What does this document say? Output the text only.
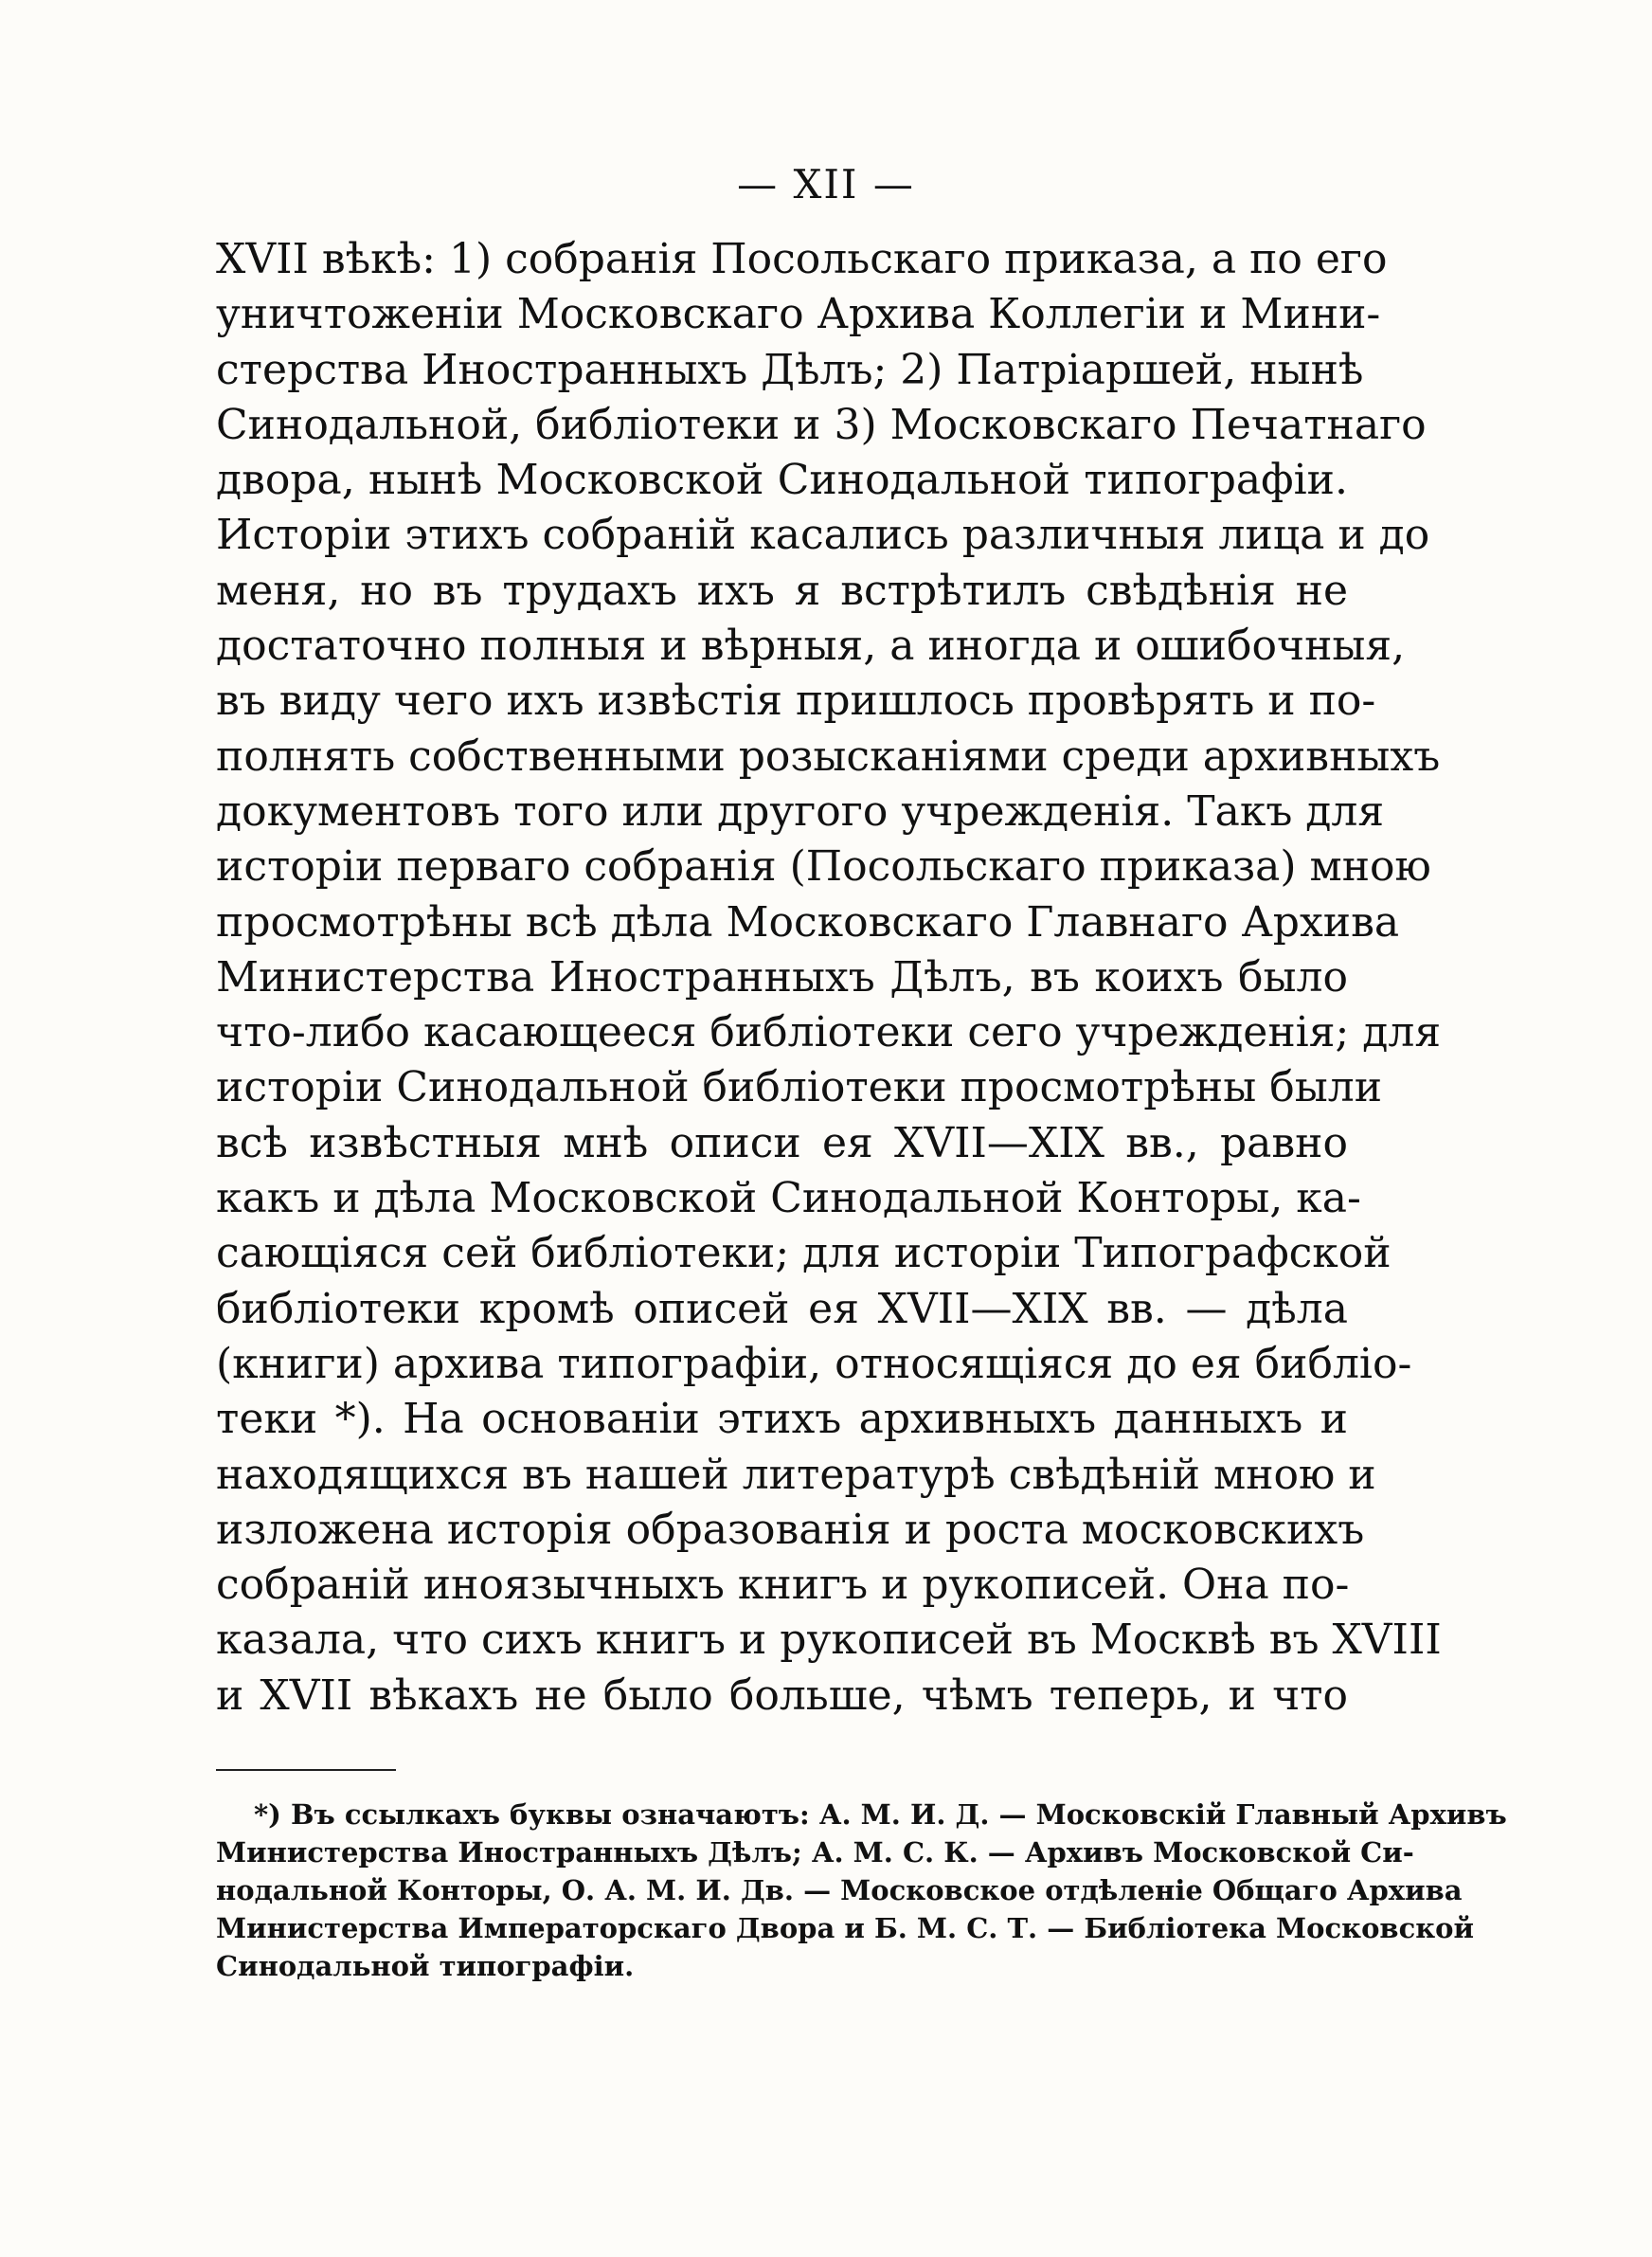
— XII —
XVII вѣкѣ: 1) собранія Посольскаго приказа, а по его
уничтоженіи Московскаго Архива Коллегіи и Мини-
стерства Иностранныхъ Дѣлъ; 2) Патріаршей, нынѣ
Синодальной, библіотеки и 3) Московскаго Печатнаго
двора, нынѣ Московской Синодальной типографіи.
Исторіи этихъ собраній касались различныя лица и до
меня, но въ трудахъ ихъ я встрѣтилъ свѣдѣнія не
достаточно полныя и вѣрныя, а иногда и ошибочныя,
въ виду чего ихъ извѣстія пришлось провѣрять и по-
полнять собственными розысканіями среди архивныхъ
документовъ того или другого учрежденія. Такъ для
исторіи перваго собранія (Посольскаго приказа) мною
просмотрѣны всѣ дѣла Московскаго Главнаго Архива
Министерства Иностранныхъ Дѣлъ, въ коихъ было
что-либо касающееся библіотеки сего учрежденія; для
исторіи Синодальной библіотеки просмотрѣны были
всѣ извѣстныя мнѣ описи ея XVII—XIX вв., равно
какъ и дѣла Московской Синодальной Конторы, ка-
сающіяся сей библіотеки; для исторіи Типографской
библіотеки кромѣ описей ея XVII—XIX вв. — дѣла
(книги) архива типографіи, относящіяся до ея библіо-
теки *). На основаніи этихъ архивныхъ данныхъ и
находящихся въ нашей литературѣ свѣдѣній мною и
изложена исторія образованія и роста московскихъ
собраній иноязычныхъ книгъ и рукописей. Она по-
казала, что сихъ книгъ и рукописей въ Москвѣ въ XVIII
и XVII вѣкахъ не было больше, чѣмъ теперь, и что
*) Въ ссылкахъ буквы означаютъ: А. М. И. Д. — Московскій Главный Архивъ
Министерства Иностранныхъ Дѣлъ; А. М. С. К. — Архивъ Московской Си-
нодальной Конторы, О. А. М. И. Дв. — Московское отдѣленіе Общаго Архива
Министерства Императорскаго Двора и Б. М. С. Т. — Библіотека Московской
Синодальной типографіи.
